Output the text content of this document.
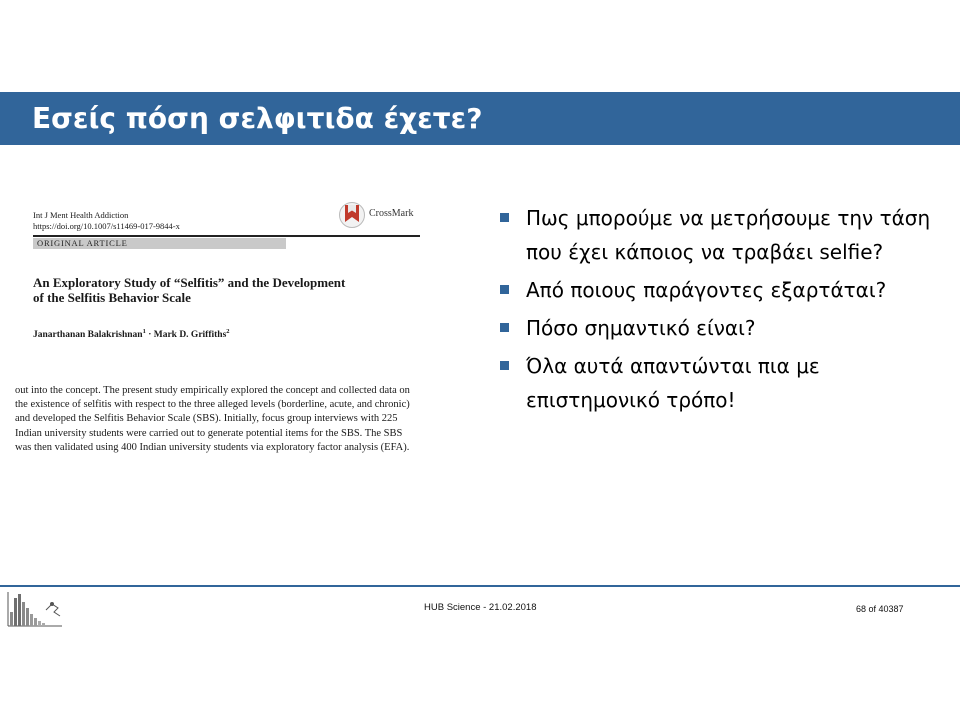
Εσείς πόση σελφιτιδα έχετε?
Int J Ment Health Addiction
https://doi.org/10.1007/s11469-017-9844-x
CrossMark
ORIGINAL ARTICLE
An Exploratory Study of “Selfitis” and the Development
of the Selfitis Behavior Scale
Janarthanan Balakrishnan$^1$ · Mark D. Griffiths$^2$
out into the concept. The present study empirically explored the concept and collected data on
the existence of selfitis with respect to the three alleged levels (borderline, acute, and chronic)
and developed the Selfitis Behavior Scale (SBS). Initially, focus group interviews with 225
Indian university students were carried out to generate potential items for the SBS. The SBS
was then validated using 400 Indian university students via exploratory factor analysis (EFA).
Πως μπορούμε να μετρήσουμε την τάση που έχει κάποιος να τραβάει selfie?
Από ποιους παράγοντες εξαρτάται?
Πόσο σημαντικό είναι?
Όλα αυτά απαντώνται πια με επιστημονικό τρόπο!
HUB Science - 21.02.2018	68 of 40387
